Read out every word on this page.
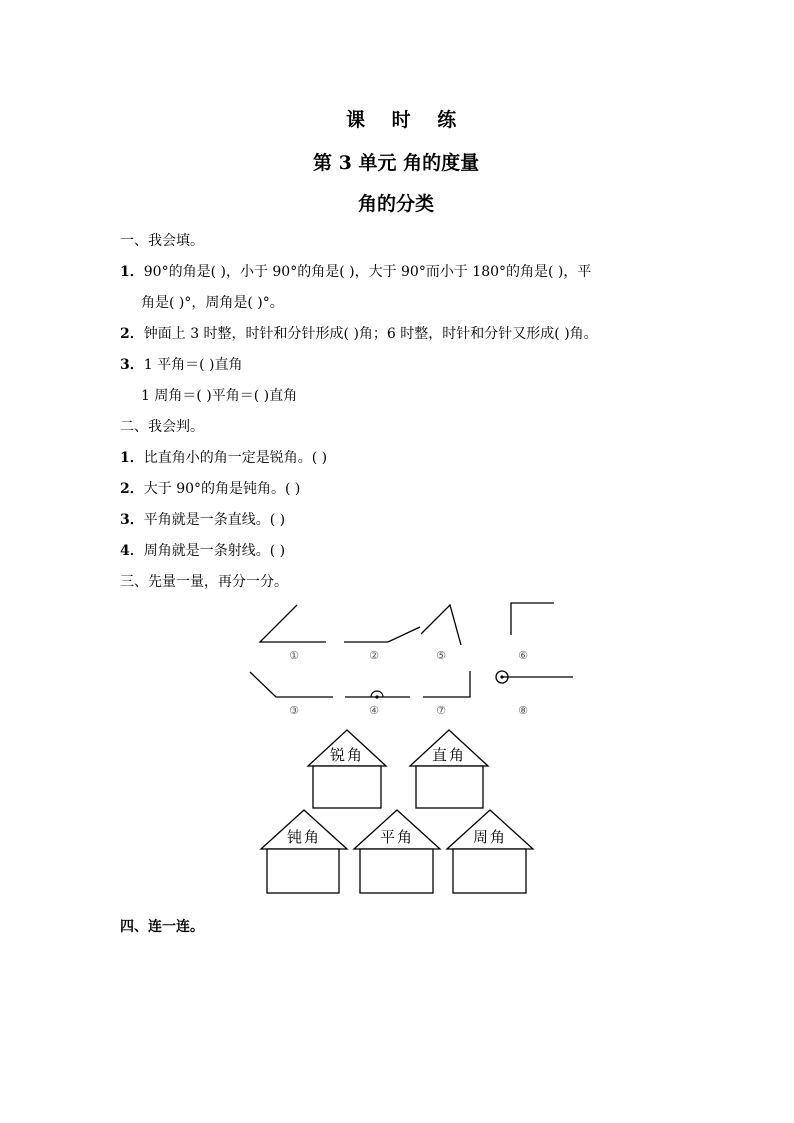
课 时 练
第 3 单元 角的度量
角的分类
一、我会填。
1．90°的角是( )，小于 90°的角是( )，大于 90°而小于 180°的角是( )，平
角是( )°，周角是( )°。
2．钟面上 3 时整，时针和分针形成( )角；6 时整，时针和分针又形成( )角。
3．1 平角＝( )直角
1 周角＝( )平角＝( )直角
二、我会判。
1．比直角小的角一定是锐角。( )
2．大于 90°的角是钝角。( )
3．平角就是一条直线。( )
4．周角就是一条射线。( )
三、先量一量，再分一分。
①	②	⑤	⑥
③	④	⑦	⑧
锐角	直角
钝角	平角	周角
四、连一连。
